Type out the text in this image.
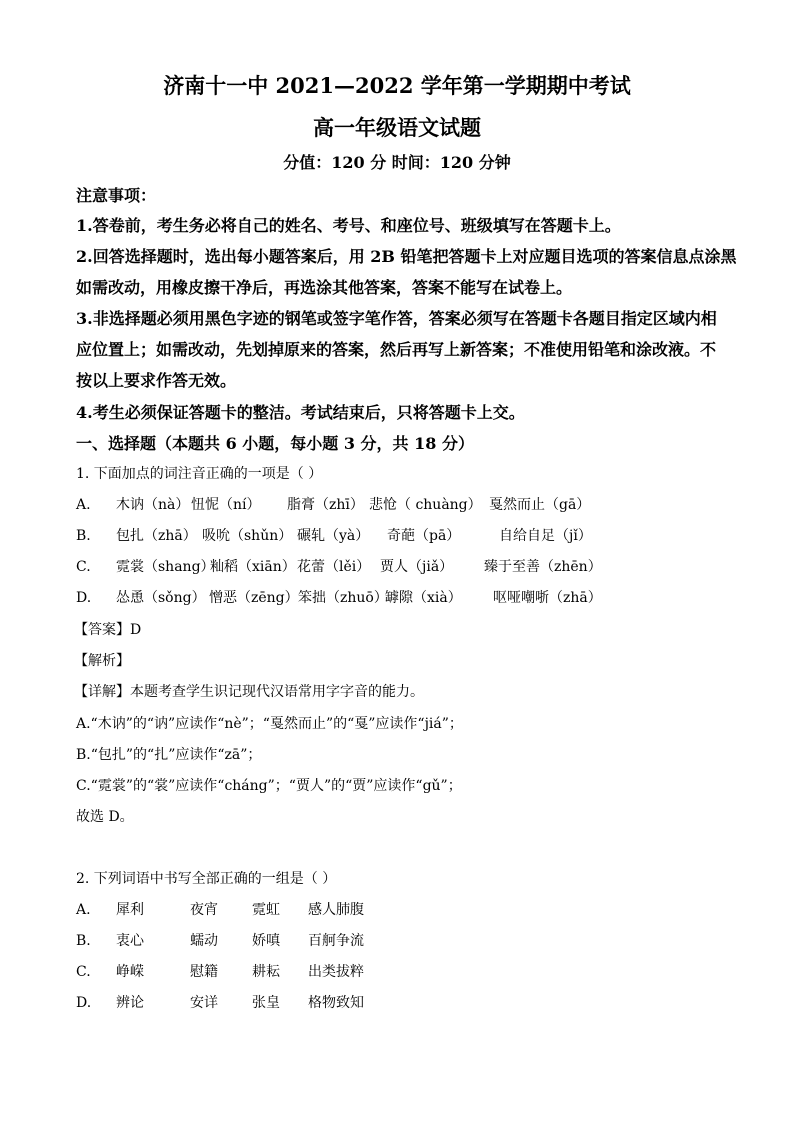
济南十一中 2021—2022 学年第一学期期中考试
高一年级语文试题
分值：120 分 时间：120 分钟
注意事项：
1.答卷前，考生务必将自己的姓名、考号、和座位号、班级填写在答题卡上。
2.回答选择题时，选出每小题答案后，用 2B 铅笔把答题卡上对应题目选项的答案信息点涂黑
如需改动，用橡皮擦干净后，再选涂其他答案，答案不能写在试卷上。
3.非选择题必须用黑色字迹的钢笔或签字笔作答，答案必须写在答题卡各题目指定区域内相
应位置上；如需改动，先划掉原来的答案，然后再写上新答案；不准使用铅笔和涂改液。不
按以上要求作答无效。
4.考生必须保证答题卡的整洁。考试结束后，只将答题卡上交。
一、选择题（本题共 6 小题，每小题 3 分，共 18 分）
1. 下面加点的词注音正确的一项是（ ）
A. 木讷（nà） 忸怩（ní） 脂膏（zhī） 悲怆（ chuàng） 戛然而止（gā）
B. 包扎（zhā） 吸吮（shǔn） 碾轧（yà） 奇葩（pā）	自给自足（jǐ）
C. 霓裳（shang）籼稻（xiān）花蕾（lěi） 贾人（jiǎ） 臻于至善（zhēn）
D. 怂恿（sǒng） 憎恶（zēng）笨拙（zhuō）罅隙（xià） 呕哑嘲哳（zhā）
【答案】D
【解析】
【详解】本题考查学生识记现代汉语常用字字音的能力。
A.“木讷”的“讷”应读作“nè”；“戛然而止”的“戛”应读作“jiá”；
B.“包扎”的“扎”应读作“zā”；
C.“霓裳”的“裳”应读作“cháng”；“贾人”的“贾”应读作“gǔ”；
故选 D。
2. 下列词语中书写全部正确的一组是（ ）
A. 犀利	夜宵 霓虹 感人肺腹
B. 衷心	蠕动 娇嗔 百舸争流
C. 峥嵘	慰籍 耕耘 出类拔粹
D. 辨论	安详 张皇 格物致知
